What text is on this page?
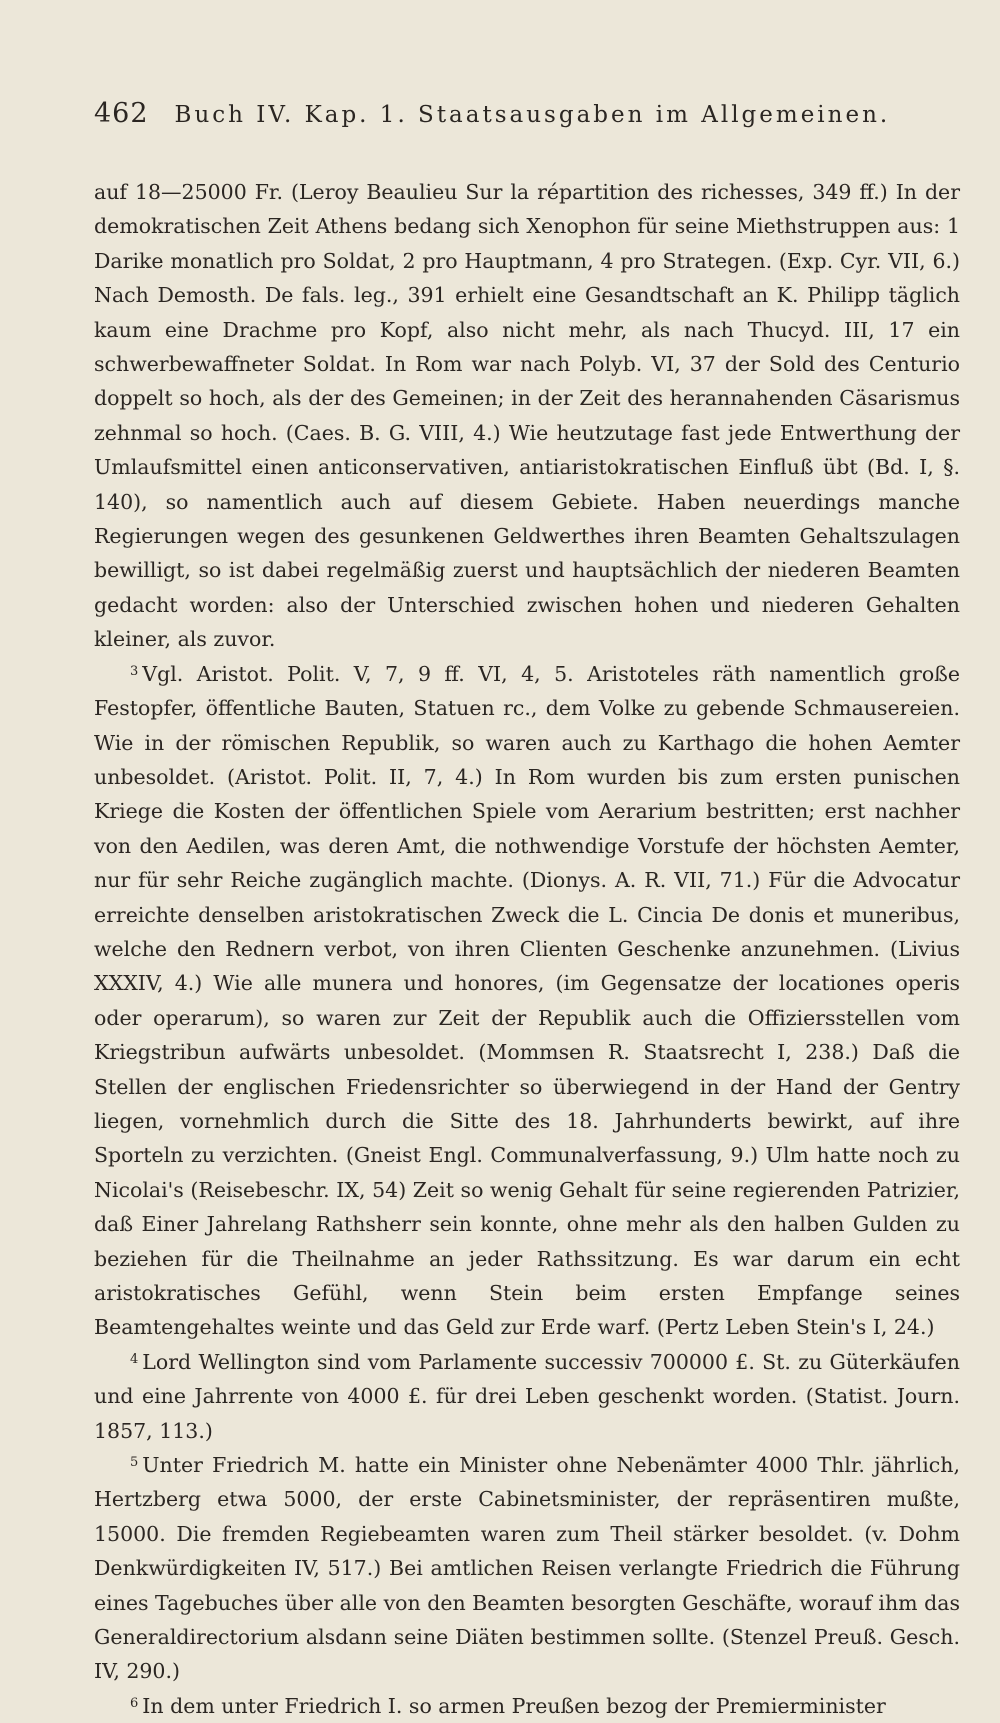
462 Buch IV. Kap. 1. Staatsausgaben im Allgemeinen.

auf 18—25000 Fr. (Leroy Beaulieu Sur la répartition des richesses, 349 ff.) In der demokratischen Zeit Athens bedang sich Xenophon für seine Miethstruppen aus: 1 Darike monatlich pro Soldat, 2 pro Hauptmann, 4 pro Strategen. (Exp. Cyr. VII, 6.) Nach Demosth. De fals. leg., 391 erhielt eine Gesandtschaft an K. Philipp täglich kaum eine Drachme pro Kopf, also nicht mehr, als nach Thucyd. III, 17 ein schwerbewaffneter Soldat. In Rom war nach Polyb. VI, 37 der Sold des Centurio doppelt so hoch, als der des Gemeinen; in der Zeit des herannahenden Cäsarismus zehnmal so hoch. (Caes. B. G. VIII, 4.) Wie heutzutage fast jede Entwerthung der Umlaufsmittel einen anticonservativen, antiaristokratischen Einfluß übt (Bd. I, §. 140), so namentlich auch auf diesem Gebiete. Haben neuerdings manche Regierungen wegen des gesunkenen Geldwerthes ihren Beamten Gehaltszulagen bewilligt, so ist dabei regelmäßig zuerst und hauptsächlich der niederen Beamten gedacht worden: also der Unterschied zwischen hohen und niederen Gehalten kleiner, als zuvor.

$^3$ Vgl. Aristot. Polit. V, 7, 9 ff. VI, 4, 5. Aristoteles räth namentlich große Festopfer, öffentliche Bauten, Statuen rc., dem Volke zu gebende Schmausereien. Wie in der römischen Republik, so waren auch zu Karthago die hohen Aemter unbesoldet. (Aristot. Polit. II, 7, 4.) In Rom wurden bis zum ersten punischen Kriege die Kosten der öffentlichen Spiele vom Aerarium bestritten; erst nachher von den Aedilen, was deren Amt, die nothwendige Vorstufe der höchsten Aemter, nur für sehr Reiche zugänglich machte. (Dionys. A. R. VII, 71.) Für die Advocatur erreichte denselben aristokratischen Zweck die L. Cincia De donis et muneribus, welche den Rednern verbot, von ihren Clienten Geschenke anzunehmen. (Livius XXXIV, 4.) Wie alle munera und honores, (im Gegensatze der locationes operis oder operarum), so waren zur Zeit der Republik auch die Offiziersstellen vom Kriegstribun aufwärts unbesoldet. (Mommsen R. Staatsrecht I, 238.) Daß die Stellen der englischen Friedensrichter so überwiegend in der Hand der Gentry liegen, vornehmlich durch die Sitte des 18. Jahrhunderts bewirkt, auf ihre Sporteln zu verzichten. (Gneist Engl. Communalverfassung, 9.) Ulm hatte noch zu Nicolai's (Reisebeschr. IX, 54) Zeit so wenig Gehalt für seine regierenden Patrizier, daß Einer Jahrelang Rathsherr sein konnte, ohne mehr als den halben Gulden zu beziehen für die Theilnahme an jeder Rathssitzung. Es war darum ein echt aristokratisches Gefühl, wenn Stein beim ersten Empfange seines Beamtengehaltes weinte und das Geld zur Erde warf. (Pertz Leben Stein's I, 24.)

$^4$ Lord Wellington sind vom Parlamente successiv 700000 £. St. zu Güterkäufen und eine Jahrrente von 4000 £. für drei Leben geschenkt worden. (Statist. Journ. 1857, 113.)

$^5$ Unter Friedrich M. hatte ein Minister ohne Nebenämter 4000 Thlr. jährlich, Hertzberg etwa 5000, der erste Cabinetsminister, der repräsentiren mußte, 15000. Die fremden Regiebeamten waren zum Theil stärker besoldet. (v. Dohm Denkwürdigkeiten IV, 517.) Bei amtlichen Reisen verlangte Friedrich die Führung eines Tagebuches über alle von den Beamten besorgten Geschäfte, worauf ihm das Generaldirectorium alsdann seine Diäten bestimmen sollte. (Stenzel Preuß. Gesch. IV, 290.)

$^6$ In dem unter Friedrich I. so armen Preußen bezog der Premierminister
